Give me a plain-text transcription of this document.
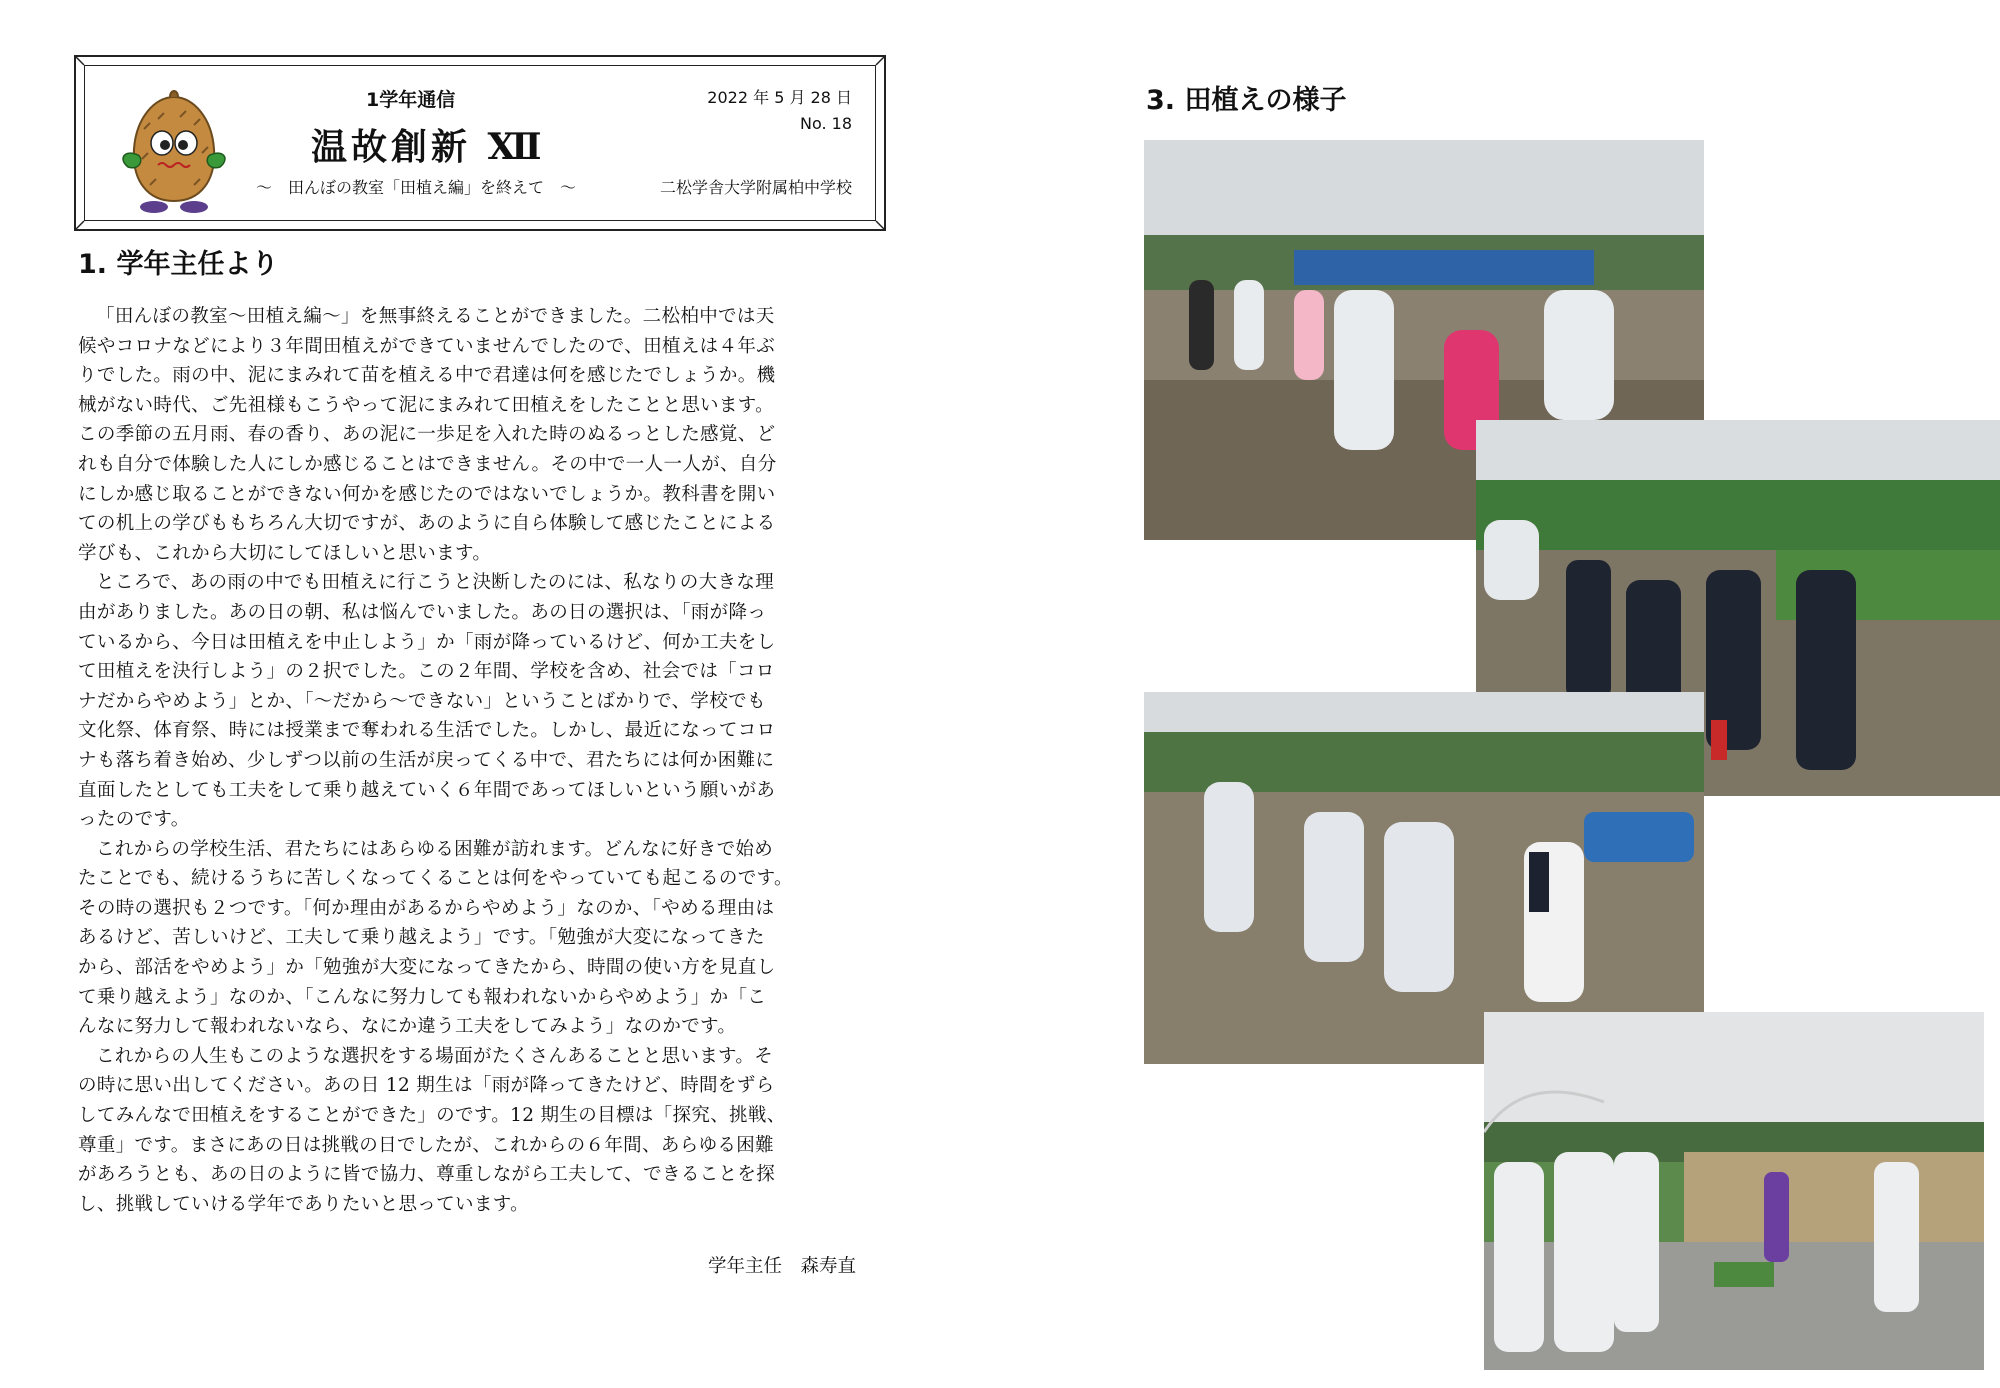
1学年通信
温故創新 Ⅻ
～　田んぼの教室「田植え編」を終えて　～
2022 年 5 月 28 日
No. 18
二松学舎大学附属柏中学校
1. 学年主任より
「田んぼの教室～田植え編～」を無事終えることができました。二松柏中では天
候やコロナなどにより３年間田植えができていませんでしたので、田植えは４年ぶ
りでした。雨の中、泥にまみれて苗を植える中で君達は何を感じたでしょうか。機
械がない時代、ご先祖様もこうやって泥にまみれて田植えをしたことと思います。
この季節の五月雨、春の香り、あの泥に一歩足を入れた時のぬるっとした感覚、ど
れも自分で体験した人にしか感じることはできません。その中で一人一人が、自分
にしか感じ取ることができない何かを感じたのではないでしょうか。教科書を開い
ての机上の学びももちろん大切ですが、あのように自ら体験して感じたことによる
学びも、これから大切にしてほしいと思います。
ところで、あの雨の中でも田植えに行こうと決断したのには、私なりの大きな理
由がありました。あの日の朝、私は悩んでいました。あの日の選択は、「雨が降っ
ているから、今日は田植えを中止しよう」か「雨が降っているけど、何か工夫をし
て田植えを決行しよう」の２択でした。この２年間、学校を含め、社会では「コロ
ナだからやめよう」とか、「～だから～できない」ということばかりで、学校でも
文化祭、体育祭、時には授業まで奪われる生活でした。しかし、最近になってコロ
ナも落ち着き始め、少しずつ以前の生活が戻ってくる中で、君たちには何か困難に
直面したとしても工夫をして乗り越えていく６年間であってほしいという願いがあ
ったのです。
これからの学校生活、君たちにはあらゆる困難が訪れます。どんなに好きで始め
たことでも、続けるうちに苦しくなってくることは何をやっていても起こるのです。
その時の選択も２つです。「何か理由があるからやめよう」なのか、「やめる理由は
あるけど、苦しいけど、工夫して乗り越えよう」です。「勉強が大変になってきた
から、部活をやめよう」か「勉強が大変になってきたから、時間の使い方を見直し
て乗り越えよう」なのか、「こんなに努力しても報われないからやめよう」か「こ
んなに努力して報われないなら、なにか違う工夫をしてみよう」なのかです。
これからの人生もこのような選択をする場面がたくさんあることと思います。そ
の時に思い出してください。あの日 12 期生は「雨が降ってきたけど、時間をずら
してみんなで田植えをすることができた」のです。12 期生の目標は「探究、挑戦、
尊重」です。まさにあの日は挑戦の日でしたが、これからの６年間、あらゆる困難
があろうとも、あの日のように皆で協力、尊重しながら工夫して、できることを探
し、挑戦していける学年でありたいと思っています。
学年主任　森寿直
3. 田植えの様子
